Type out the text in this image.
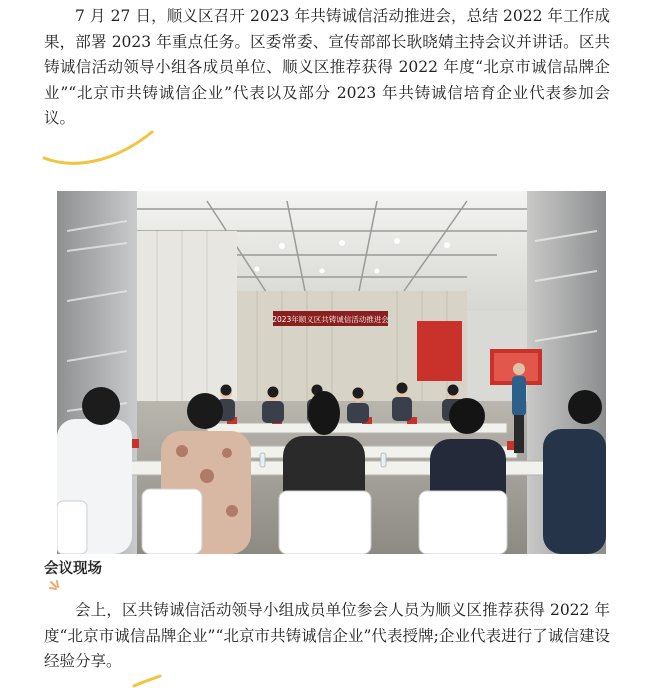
7 月 27 日，顺义区召开 2023 年共铸诚信活动推进会，总结 2022 年工作成果，部署 2023 年重点任务。区委常委、宣传部部长耿晓婧主持会议并讲话。区共铸诚信活动领导小组各成员单位、顺义区推荐获得 2022 年度“北京市诚信品牌企业”“北京市共铸诚信企业”代表以及部分 2023 年共铸诚信培育企业代表参加会议。

2023年顺义区共铸诚信活动推进会
会议现场

会上，区共铸诚信活动领导小组成员单位参会人员为顺义区推荐获得 2022 年度“北京市诚信品牌企业”“北京市共铸诚信企业”代表授牌;企业代表进行了诚信建设经验分享。
